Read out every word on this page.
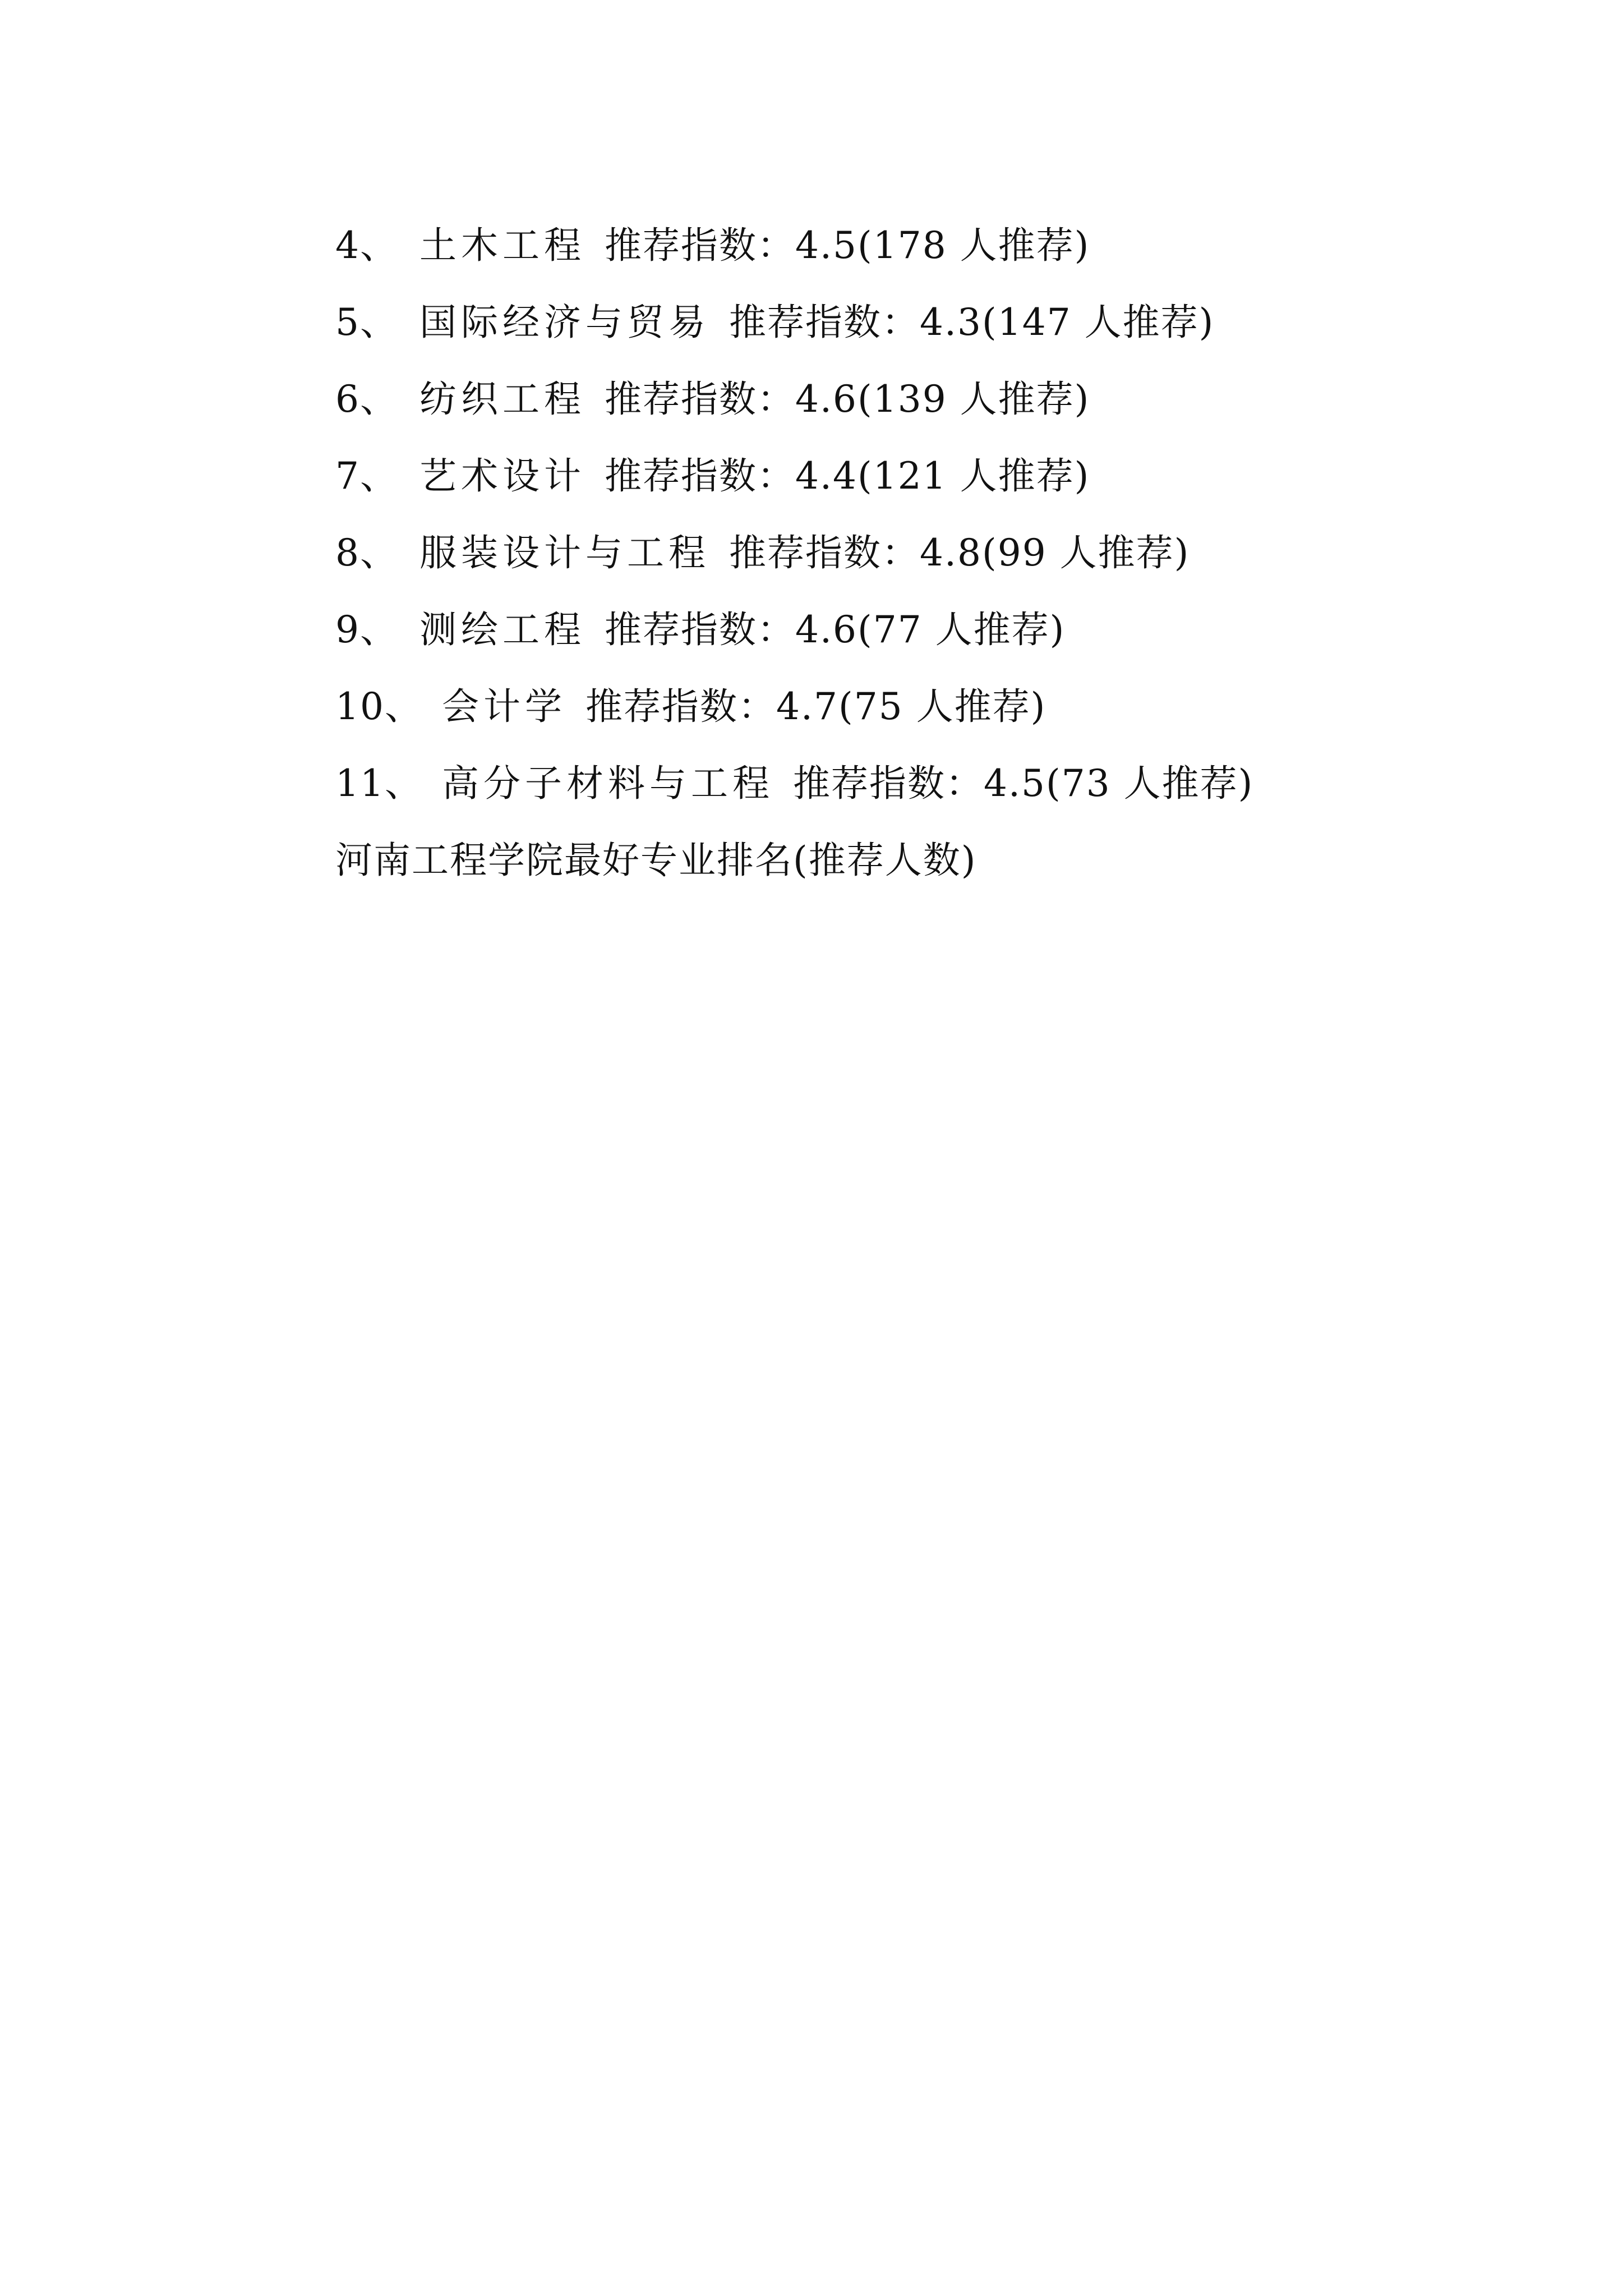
4、 土木工程 推荐指数：4.5(178 人推荐)
5、 国际经济与贸易 推荐指数：4.3(147 人推荐)
6、 纺织工程 推荐指数：4.6(139 人推荐)
7、 艺术设计 推荐指数：4.4(121 人推荐)
8、 服装设计与工程 推荐指数：4.8(99 人推荐)
9、 测绘工程 推荐指数：4.6(77 人推荐)
10、 会计学 推荐指数：4.7(75 人推荐)
11、 高分子材料与工程 推荐指数：4.5(73 人推荐)
河南工程学院最好专业排名(推荐人数)
